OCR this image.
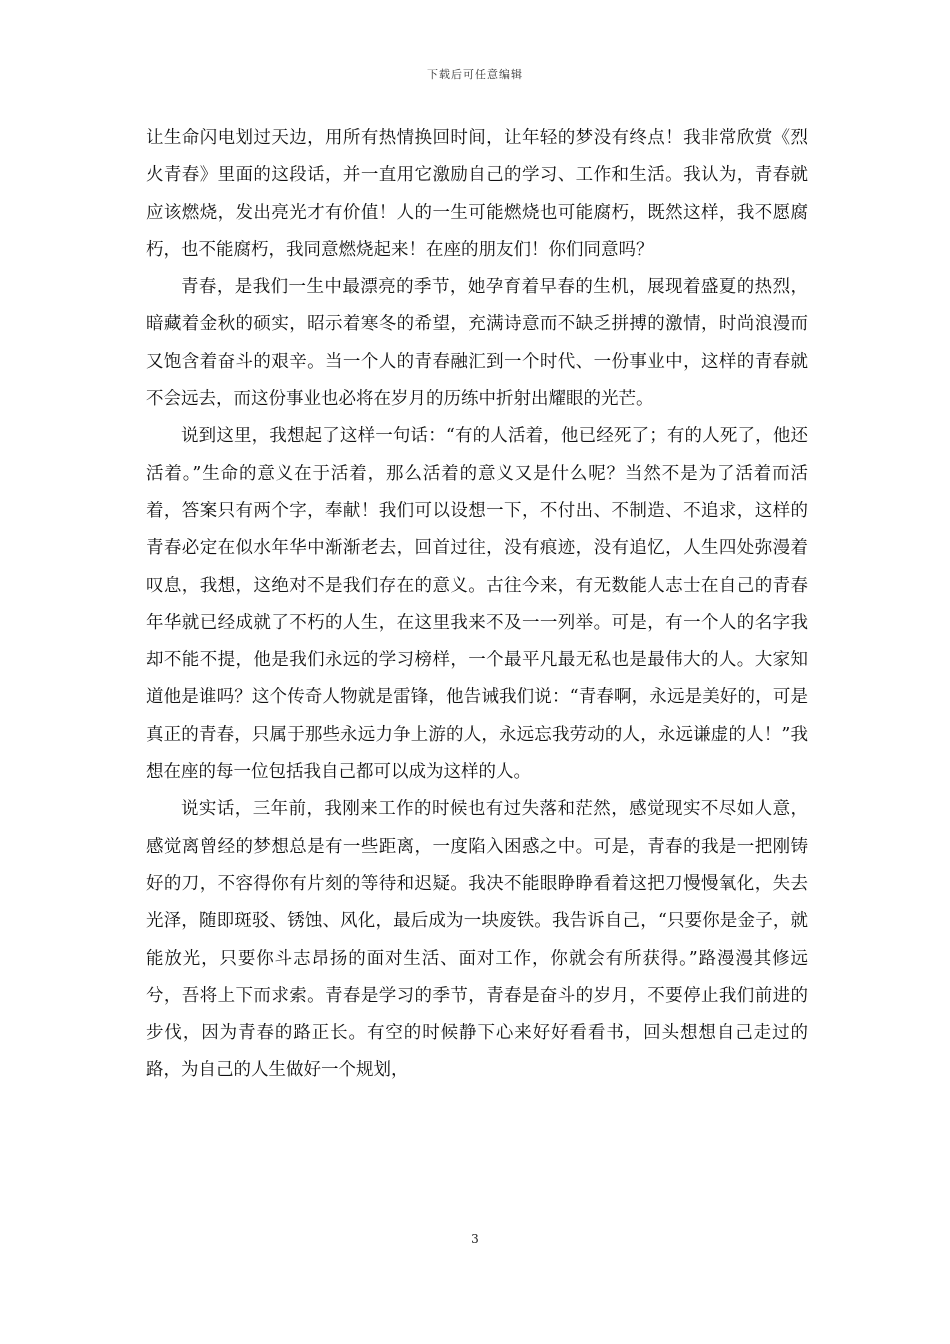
下载后可任意编辑

让生命闪电划过天边，用所有热情换回时间，让年轻的梦没有终点！我非常欣赏《烈火青春》里面的这段话，并一直用它激励自己的学习、工作和生活。我认为，青春就应该燃烧，发出亮光才有价值！人的一生可能燃烧也可能腐朽，既然这样，我不愿腐朽，也不能腐朽，我同意燃烧起来！在座的朋友们！你们同意吗？

青春，是我们一生中最漂亮的季节，她孕育着早春的生机，展现着盛夏的热烈，暗藏着金秋的硕实，昭示着寒冬的希望，充满诗意而不缺乏拼搏的激情，时尚浪漫而又饱含着奋斗的艰辛。当一个人的青春融汇到一个时代、一份事业中，这样的青春就不会远去，而这份事业也必将在岁月的历练中折射出耀眼的光芒。

说到这里，我想起了这样一句话：“有的人活着，他已经死了；有的人死了，他还活着。”生命的意义在于活着，那么活着的意义又是什么呢？当然不是为了活着而活着，答案只有两个字，奉献！我们可以设想一下，不付出、不制造、不追求，这样的青春必定在似水年华中渐渐老去，回首过往，没有痕迹，没有追忆，人生四处弥漫着叹息，我想，这绝对不是我们存在的意义。古往今来，有无数能人志士在自己的青春年华就已经成就了不朽的人生，在这里我来不及一一列举。可是，有一个人的名字我却不能不提，他是我们永远的学习榜样，一个最平凡最无私也是最伟大的人。大家知道他是谁吗？这个传奇人物就是雷锋，他告诫我们说：“青春啊，永远是美好的，可是真正的青春，只属于那些永远力争上游的人，永远忘我劳动的人，永远谦虚的人！”我想在座的每一位包括我自己都可以成为这样的人。

说实话，三年前，我刚来工作的时候也有过失落和茫然，感觉现实不尽如人意，感觉离曾经的梦想总是有一些距离，一度陷入困惑之中。可是，青春的我是一把刚铸好的刀，不容得你有片刻的等待和迟疑。我决不能眼睁睁看着这把刀慢慢氧化，失去光泽，随即斑驳、锈蚀、风化，最后成为一块废铁。我告诉自己，“只要你是金子，就能放光，只要你斗志昂扬的面对生活、面对工作，你就会有所获得。”路漫漫其修远兮，吾将上下而求索。青春是学习的季节，青春是奋斗的岁月，不要停止我们前进的步伐，因为青春的路正长。有空的时候静下心来好好看看书，回头想想自己走过的路，为自己的人生做好一个规划，

3
